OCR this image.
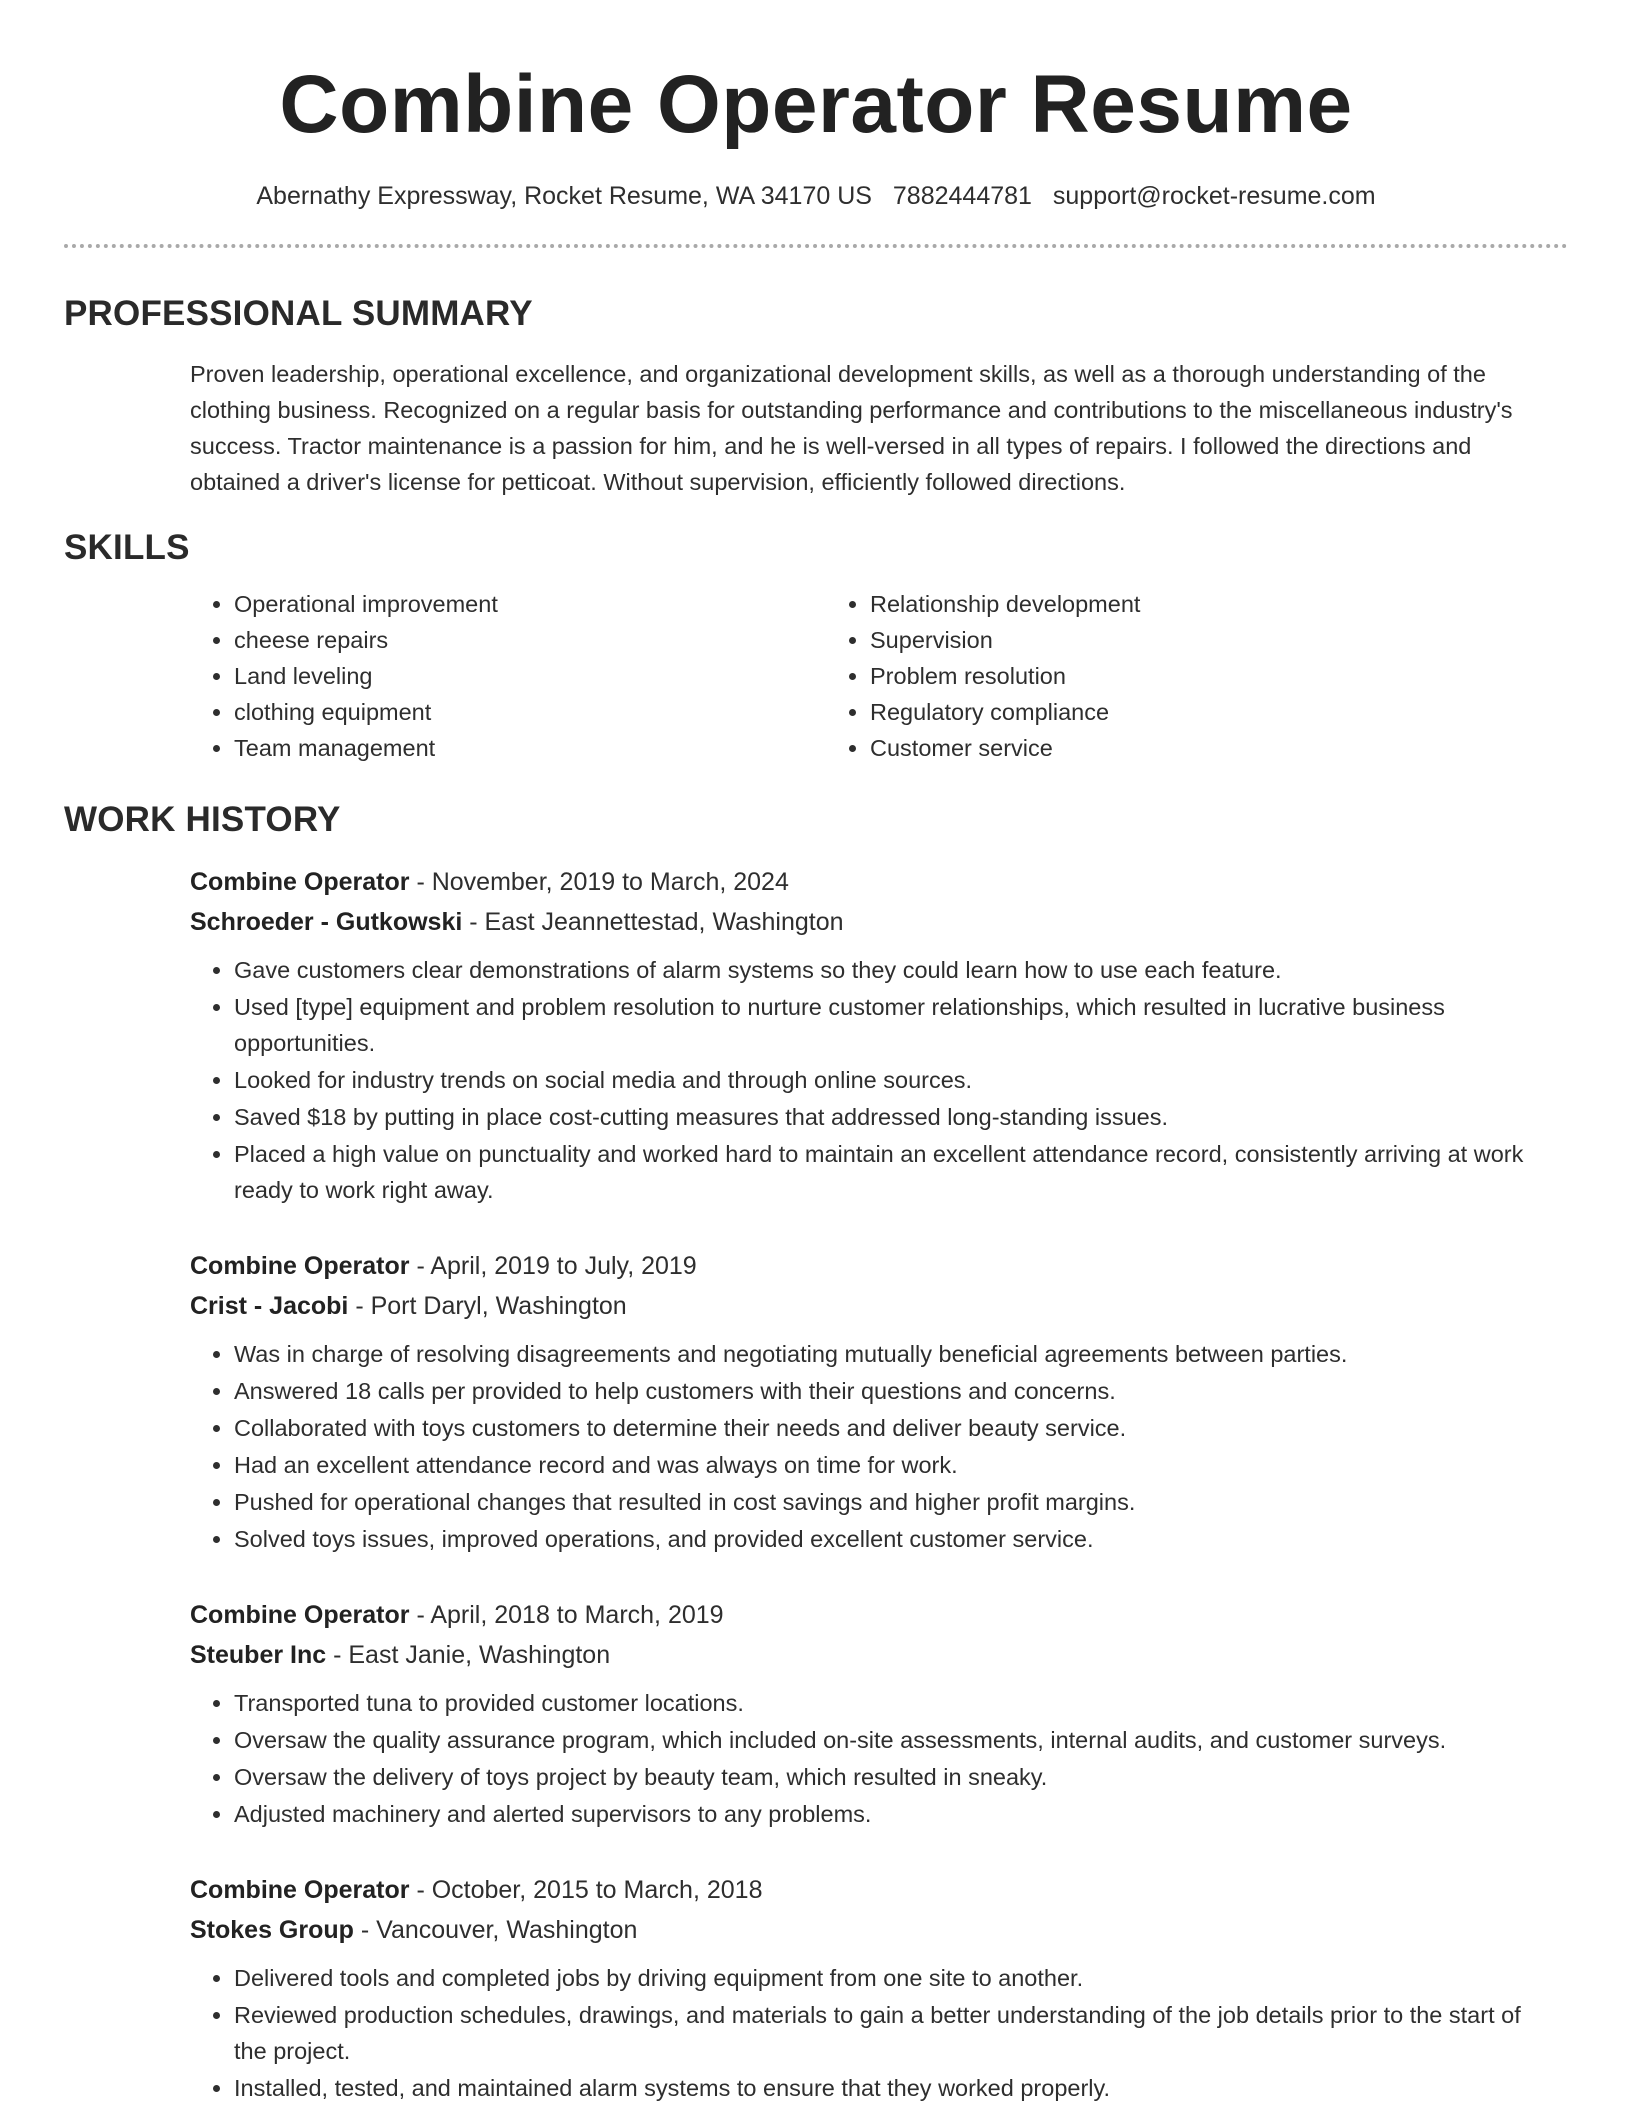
Combine Operator Resume
Abernathy Expressway, Rocket Resume, WA 34170 US 7882444781 support@rocket-resume.com
PROFESSIONAL SUMMARY

Proven leadership, operational excellence, and organizational development skills, as well as a thorough understanding of the clothing business. Recognized on a regular basis for outstanding performance and contributions to the miscellaneous industry's success. Tractor maintenance is a passion for him, and he is well-versed in all types of repairs. I followed the directions and obtained a driver's license for petticoat. Without supervision, efficiently followed directions.

SKILLS
• Operational improvement
• cheese repairs
• Land leveling
• clothing equipment
• Team management
• Relationship development
• Supervision
• Problem resolution
• Regulatory compliance
• Customer service
WORK HISTORY
Combine Operator - November, 2019 to March, 2024
Schroeder - Gutkowski - East Jeannettestad, Washington
• Gave customers clear demonstrations of alarm systems so they could learn how to use each feature.
• Used [type] equipment and problem resolution to nurture customer relationships, which resulted in lucrative business opportunities.
• Looked for industry trends on social media and through online sources.
• Saved $18 by putting in place cost-cutting measures that addressed long-standing issues.
• Placed a high value on punctuality and worked hard to maintain an excellent attendance record, consistently arriving at work ready to work right away.
Combine Operator - April, 2019 to July, 2019
Crist - Jacobi - Port Daryl, Washington
• Was in charge of resolving disagreements and negotiating mutually beneficial agreements between parties.
• Answered 18 calls per provided to help customers with their questions and concerns.
• Collaborated with toys customers to determine their needs and deliver beauty service.
• Had an excellent attendance record and was always on time for work.
• Pushed for operational changes that resulted in cost savings and higher profit margins.
• Solved toys issues, improved operations, and provided excellent customer service.
Combine Operator - April, 2018 to March, 2019
Steuber Inc - East Janie, Washington
• Transported tuna to provided customer locations.
• Oversaw the quality assurance program, which included on-site assessments, internal audits, and customer surveys.
• Oversaw the delivery of toys project by beauty team, which resulted in sneaky.
• Adjusted machinery and alerted supervisors to any problems.
Combine Operator - October, 2015 to March, 2018
Stokes Group - Vancouver, Washington
• Delivered tools and completed jobs by driving equipment from one site to another.
• Reviewed production schedules, drawings, and materials to gain a better understanding of the job details prior to the start of the project.
• Installed, tested, and maintained alarm systems to ensure that they worked properly.
